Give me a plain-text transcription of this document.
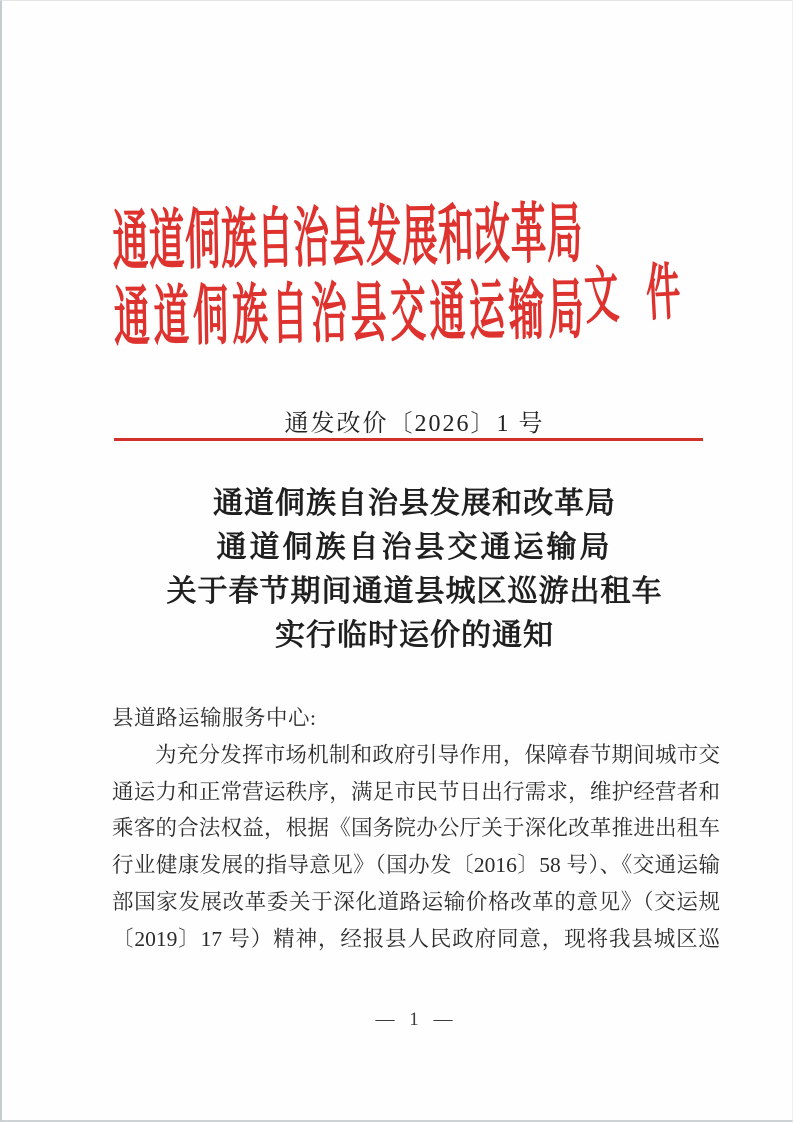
通道侗族自治县发展和改革局
通道侗族自治县交通运输局
文件
通发改价〔2026〕1 号
通道侗族自治县发展和改革局
通道侗族自治县交通运输局
关于春节期间通道县城区巡游出租车
实行临时运价的通知
县道路运输服务中心:
为充分发挥市场机制和政府引导作用，保障春节期间城市交
通运力和正常营运秩序，满足市民节日出行需求，维护经营者和
乘客的合法权益，根据《国务院办公厅关于深化改革推进出租车
行业健康发展的指导意见》（国办发〔2016〕58 号）、《交通运输
部国家发展改革委关于深化道路运输价格改革的意见》（交运规
〔2019〕17 号）精神，经报县人民政府同意，现将我县城区巡
— 1 —
